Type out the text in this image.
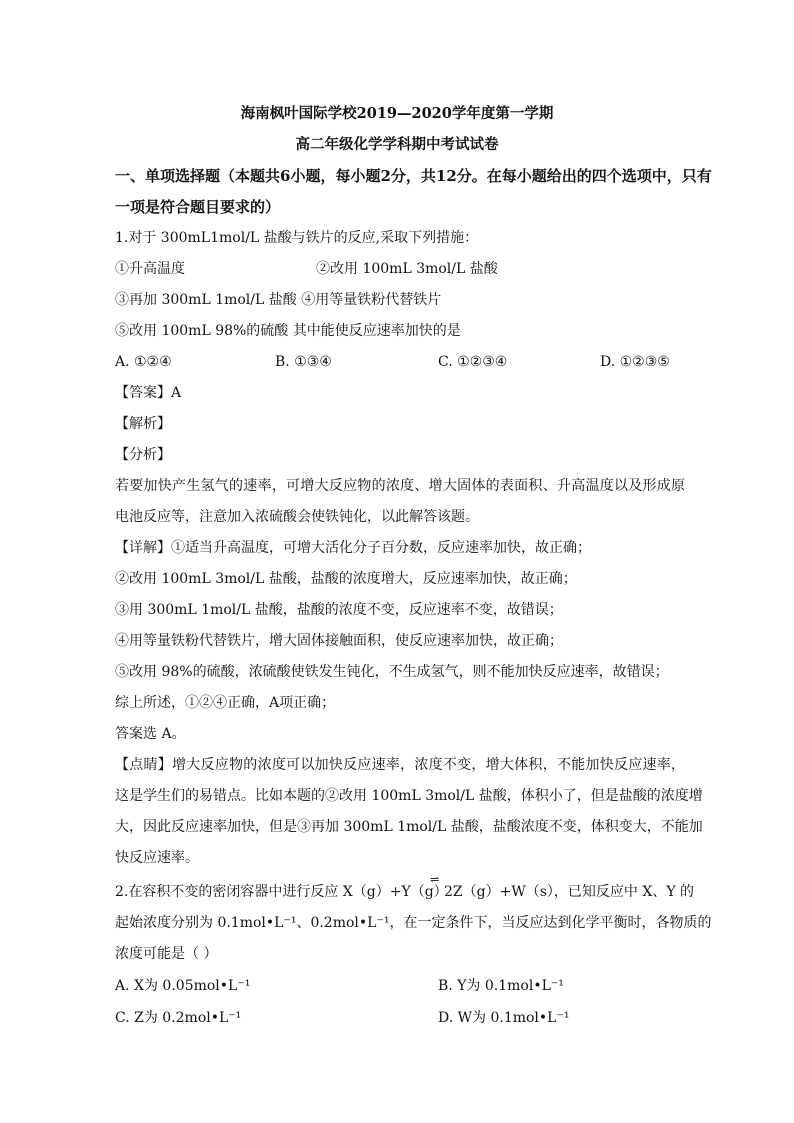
海南枫叶国际学校2019—2020学年度第一学期
高二年级化学学科期中考试试卷
一、单项选择题（本题共6小题，每小题2分，共12分。在每小题给出的四个选项中，只有
一项是符合题目要求的）
1.对于 300mL1mol/L 盐酸与铁片的反应,采取下列措施：
①升高温度	②改用 100mL 3mol/L 盐酸
③再加 300mL 1mol/L 盐酸 ④用等量铁粉代替铁片
⑤改用 100mL 98%的硫酸 其中能使反应速率加快的是
A. ①②④	B. ①③④	C. ①②③④	D. ①②③⑤
【答案】A
【解析】
【分析】
若要加快产生氢气的速率，可增大反应物的浓度、增大固体的表面积、升高温度以及形成原
电池反应等，注意加入浓硫酸会使铁钝化，以此解答该题。
【详解】①适当升高温度，可增大活化分子百分数，反应速率加快，故正确；
②改用 100mL 3mol/L 盐酸，盐酸的浓度增大，反应速率加快，故正确；
③用 300mL 1mol/L 盐酸，盐酸的浓度不变，反应速率不变，故错误；
④用等量铁粉代替铁片，增大固体接触面积，使反应速率加快，故正确；
⑤改用 98%的硫酸，浓硫酸使铁发生钝化，不生成氢气，则不能加快反应速率，故错误；
综上所述，①②④正确，A项正确；
答案选 A。
【点睛】增大反应物的浓度可以加快反应速率，浓度不变，增大体积，不能加快反应速率，
这是学生们的易错点。比如本题的②改用 100mL 3mol/L 盐酸，体积小了，但是盐酸的浓度增
大，因此反应速率加快，但是③再加 300mL 1mol/L 盐酸，盐酸浓度不变，体积变大，不能加
快反应速率。
2.在容积不变的密闭容器中进行反应 X（g）+Y（g）
⇌
2Z（g）+W（s），已知反应中 X、Y 的
起始浓度分别为 0.1mol•L⁻¹、0.2mol•L⁻¹，在一定条件下，当反应达到化学平衡时，各物质的
浓度可能是（ ）
A. X为 0.05mol•L⁻¹	B. Y为 0.1mol•L⁻¹
C. Z为 0.2mol•L⁻¹	D. W为 0.1mol•L⁻¹
